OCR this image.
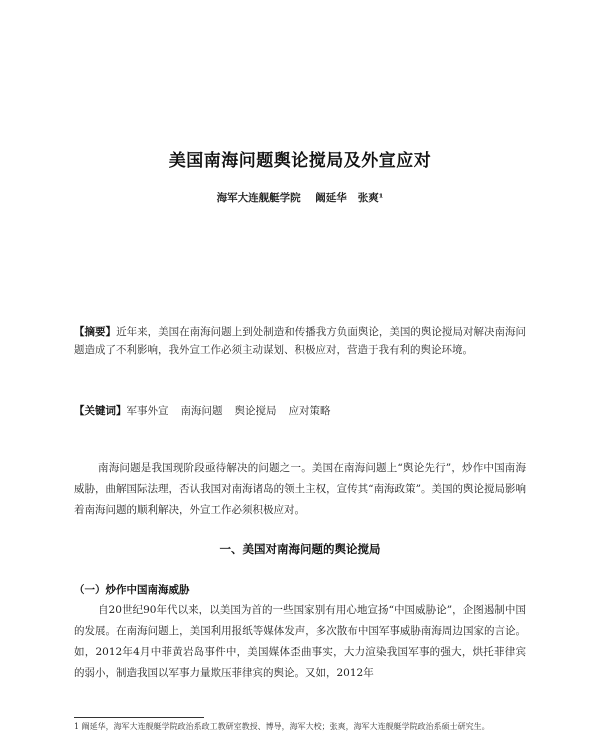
美国南海问题舆论搅局及外宣应对
海军大连舰艇学院    阚延华   张爽¹
【摘要】近年来，美国在南海问题上到处制造和传播我方负面舆论，美国的舆论搅局对解决南海问题造成了不利影响，我外宣工作必须主动谋划、积极应对，营造于我有利的舆论环境。
【关键词】军事外宣 南海问题 舆论搅局 应对策略
南海问题是我国现阶段亟待解决的问题之一。美国在南海问题上“舆论先行”，炒作中国南海威胁，曲解国际法理，否认我国对南海诸岛的领土主权，宣传其“南海政策”。美国的舆论搅局影响着南海问题的顺利解决，外宣工作必须积极应对。
一、美国对南海问题的舆论搅局
（一）炒作中国南海威胁
自20世纪90年代以来，以美国为首的一些国家别有用心地宣扬“中国威胁论”，企图遏制中国的发展。在南海问题上，美国利用报纸等媒体发声，多次散布中国军事威胁南海周边国家的言论。如，2012年4月中菲黄岩岛事件中，美国媒体歪曲事实，大力渲染我国军事的强大，烘托菲律宾的弱小，制造我国以军事力量欺压菲律宾的舆论。又如，2012年
1 阚延华，海军大连舰艇学院政治系政工教研室教授、博导，海军大校；张爽，海军大连舰艇学院政治系硕士研究生。
